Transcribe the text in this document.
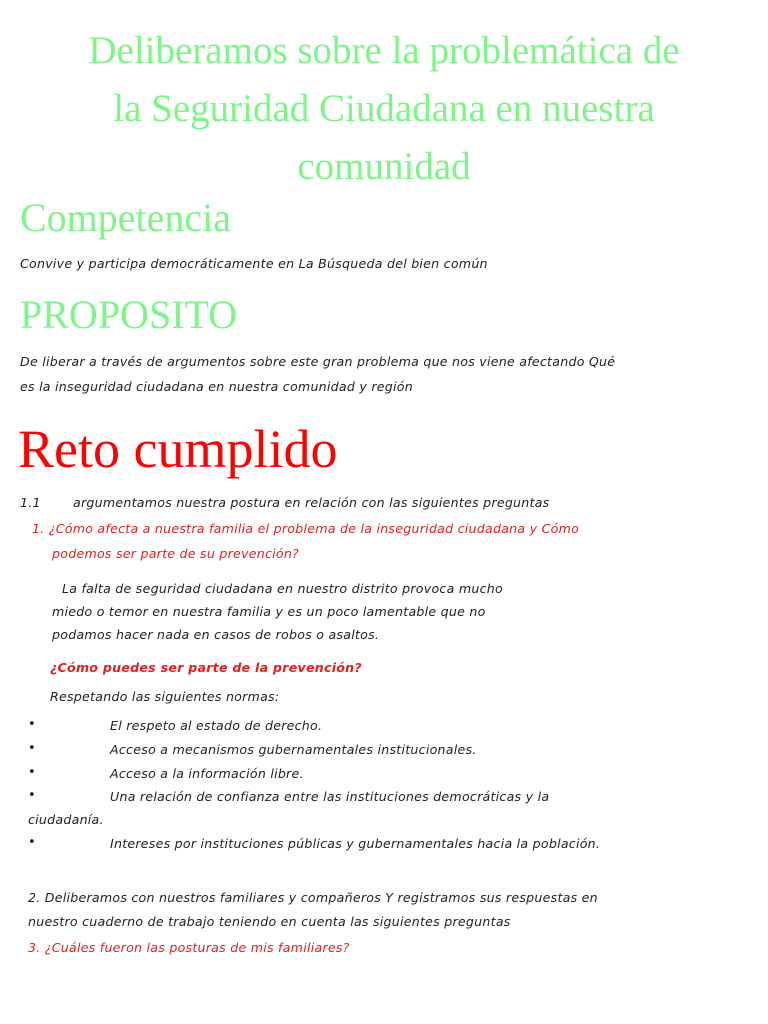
Deliberamos sobre la problemática de
la Seguridad Ciudadana en nuestra
comunidad
Competencia
Convive y participa democráticamente en La Búsqueda del bien común
PROPOSITO
De liberar a través de argumentos sobre este gran problema que nos viene afectando Qué
es la inseguridad ciudadana en nuestra comunidad y región
Reto cumplido
1.1	argumentamos nuestra postura en relación con las siguientes preguntas
1. ¿Cómo afecta a nuestra familia el problema de la inseguridad ciudadana y Cómo
podemos ser parte de su prevención?
La falta de seguridad ciudadana en nuestro distrito provoca mucho
miedo o temor en nuestra familia y es un poco lamentable que no
podamos hacer nada en casos de robos o asaltos.
¿Cómo puedes ser parte de la prevención?
Respetando las siguientes normas:
•	El respeto al estado de derecho.
•	Acceso a mecanismos gubernamentales institucionales.
•	Acceso a la información libre.
•	Una relación de confianza entre las instituciones democráticas y la
ciudadanía.
•	Intereses por instituciones públicas y gubernamentales hacia la población.
2. Deliberamos con nuestros familiares y compañeros Y registramos sus respuestas en
nuestro cuaderno de trabajo teniendo en cuenta las siguientes preguntas
3. ¿Cuáles fueron las posturas de mis familiares?
